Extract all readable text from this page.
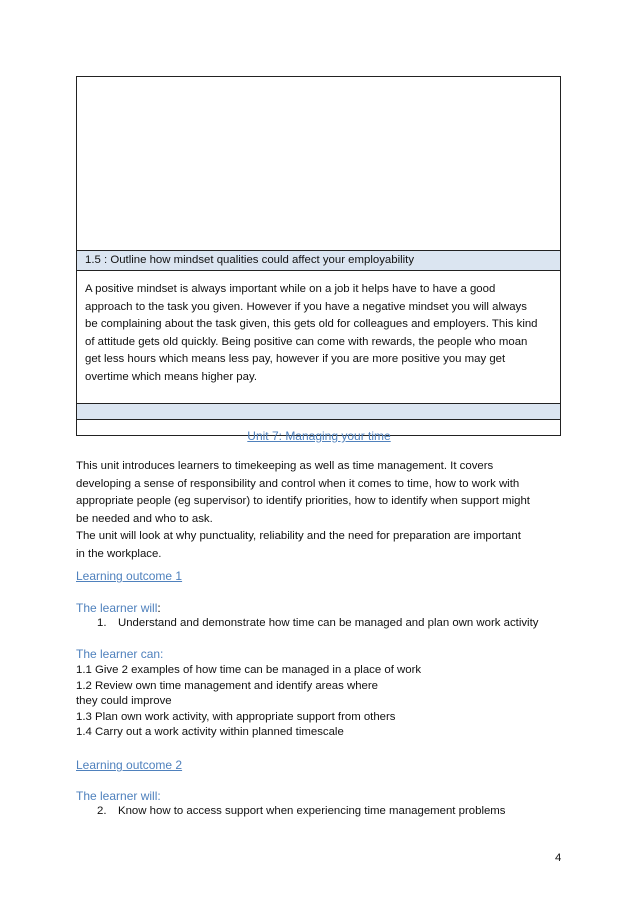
1.5 : Outline how mindset qualities could affect your employability
A positive mindset is always important while on a job it helps have to have a good
approach to the task you given. However if you have a negative mindset you will always
be complaining about the task given, this gets old for colleagues and employers. This kind
of attitude gets old quickly. Being positive can come with rewards, the people who moan
get less hours which means less pay, however if you are more positive you may get
overtime which means higher pay.
Unit 7: Managing your time
This unit introduces learners to timekeeping as well as time management. It covers
developing a sense of responsibility and control when it comes to time, how to work with
appropriate people (eg supervisor) to identify priorities, how to identify when support might
be needed and who to ask.
The unit will look at why punctuality, reliability and the need for preparation are important
in the workplace.
Learning outcome 1
The learner will:
1. Understand and demonstrate how time can be managed and plan own work activity
The learner can:
1.1 Give 2 examples of how time can be managed in a place of work
1.2 Review own time management and identify areas where
they could improve
1.3 Plan own work activity, with appropriate support from others
1.4 Carry out a work activity within planned timescale
Learning outcome 2
The learner will:
2. Know how to access support when experiencing time management problems
4
